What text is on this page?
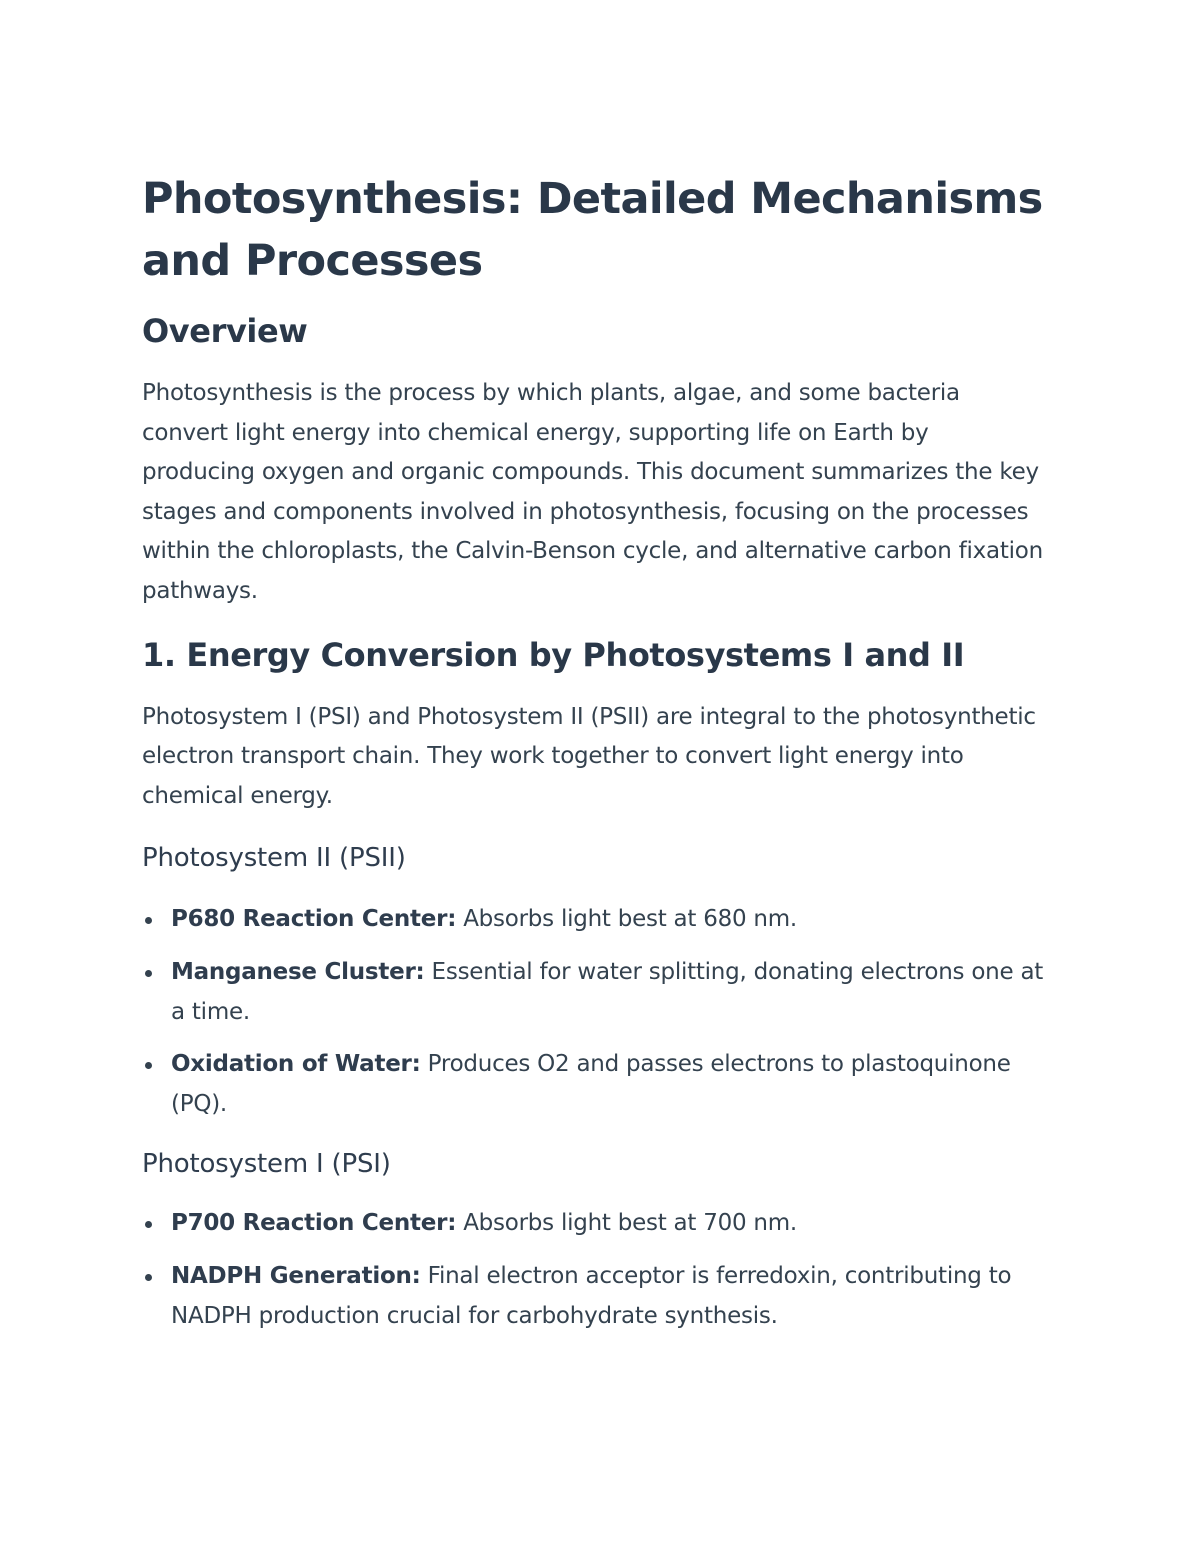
Photosynthesis: Detailed Mechanisms and Processes
Overview

Photosynthesis is the process by which plants, algae, and some bacteria convert light energy into chemical energy, supporting life on Earth by producing oxygen and organic compounds. This document summarizes the key stages and components involved in photosynthesis, focusing on the processes within the chloroplasts, the Calvin-Benson cycle, and alternative carbon fixation pathways.

1. Energy Conversion by Photosystems I and II

Photosystem I (PSI) and Photosystem II (PSII) are integral to the photosynthetic electron transport chain. They work together to convert light energy into chemical energy.

Photosystem II (PSII)
P680 Reaction Center: Absorbs light best at 680 nm.
Manganese Cluster: Essential for water splitting, donating electrons one at a time.
Oxidation of Water: Produces O2 and passes electrons to plastoquinone (PQ).
Photosystem I (PSI)
P700 Reaction Center: Absorbs light best at 700 nm.
NADPH Generation: Final electron acceptor is ferredoxin, contributing to NADPH production crucial for carbohydrate synthesis.
